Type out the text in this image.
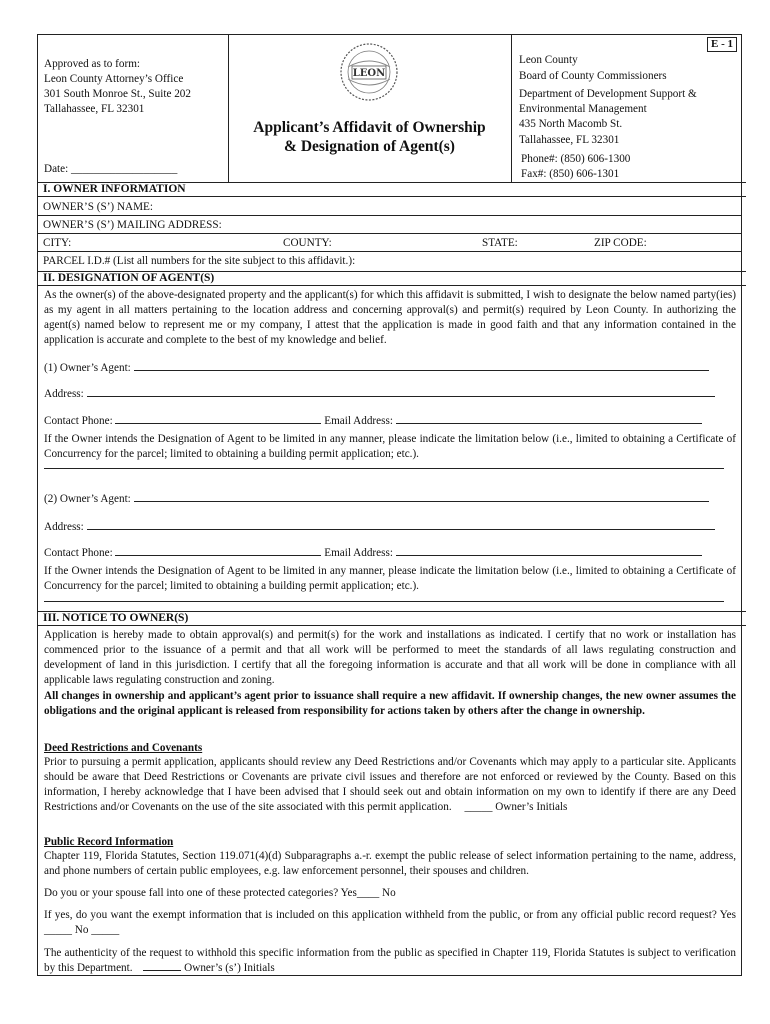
Approved as to form:
Leon County Attorney’s Office
301 South Monroe St., Suite 202
Tallahassee, FL 32301
Date: ___________________
LEON
Applicant’s Affidavit of Ownership
& Designation of Agent(s)
E - 1
Leon County
Board of County Commissioners
Department of Development Support &
Environmental Management
435 North Macomb St.
Tallahassee, FL 32301
Phone#: (850) 606-1300
Fax#: (850) 606-1301
I. OWNER INFORMATION
OWNER’S (S’) NAME:
OWNER’S (S’) MAILING ADDRESS:
CITY:	COUNTY:	STATE:	ZIP CODE:
PARCEL I.D.# (List all numbers for the site subject to this affidavit.):
II. DESIGNATION OF AGENT(S)
As the owner(s) of the above-designated property and the applicant(s) for which this affidavit is submitted, I wish to designate the below named party(ies) as my agent in all matters pertaining to the location address and concerning approval(s) and permit(s) required by Leon County. In authorizing the agent(s) named below to represent me or my company, I attest that the application is made in good faith and that any information contained in the application is accurate and complete to the best of my knowledge and belief.
(1) Owner’s Agent:
Address:
Contact Phone:	Email Address:
If the Owner intends the Designation of Agent to be limited in any manner, please indicate the limitation below (i.e., limited to obtaining a Certificate of Concurrency for the parcel; limited to obtaining a building permit application; etc.).
(2) Owner’s Agent:
Address:
Contact Phone:	Email Address:
If the Owner intends the Designation of Agent to be limited in any manner, please indicate the limitation below (i.e., limited to obtaining a Certificate of Concurrency for the parcel; limited to obtaining a building permit application; etc.).
III. NOTICE TO OWNER(S)
Application is hereby made to obtain approval(s) and permit(s) for the work and installations as indicated. I certify that no work or installation has commenced prior to the issuance of a permit and that all work will be performed to meet the standards of all laws regulating construction and development of land in this jurisdiction. I certify that all the foregoing information is accurate and that all work will be done in compliance with all applicable laws regulating construction and zoning.
All changes in ownership and applicant’s agent prior to issuance shall require a new affidavit. If ownership changes, the new owner assumes the obligations and the original applicant is released from responsibility for actions taken by others after the change in ownership.
Deed Restrictions and Covenants
Prior to pursuing a permit application, applicants should review any Deed Restrictions and/or Covenants which may apply to a particular site. Applicants should be aware that Deed Restrictions or Covenants are private civil issues and therefore are not enforced or reviewed by the County. Based on this information, I hereby acknowledge that I have been advised that I should seek out and obtain information on my own to identify if there are any Deed Restrictions and/or Covenants on the use of the site associated with this permit application. _____ Owner’s Initials
Public Record Information
Chapter 119, Florida Statutes, Section 119.071(4)(d) Subparagraphs a.-r. exempt the public release of select information pertaining to the name, address, and phone numbers of certain public employees, e.g. law enforcement personnel, their spouses and children.
Do you or your spouse fall into one of these protected categories? Yes____ No
If yes, do you want the exempt information that is included on this application withheld from the public, or from any official public record request? Yes _____ No _____
The authenticity of the request to withhold this specific information from the public as specified in Chapter 119, Florida Statutes is subject to verification by this Department.	Owner’s (s’) Initials
